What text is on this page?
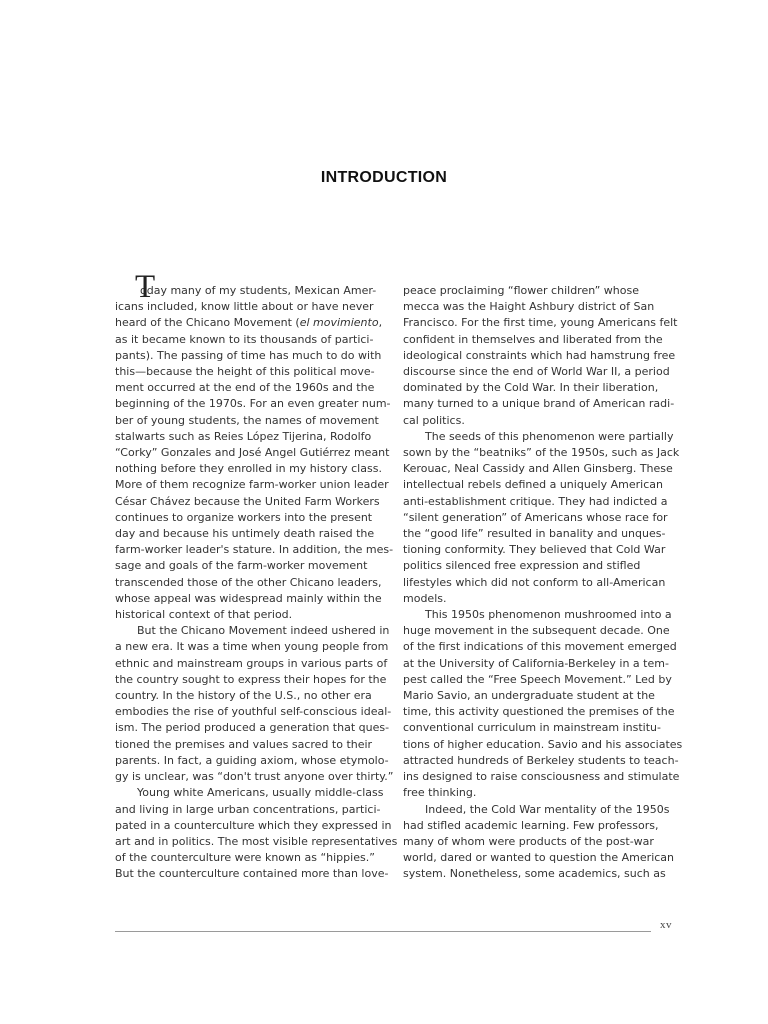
INTRODUCTION
T
oday many of my students, Mexican Amer-
icans included, know little about or have never
heard of the Chicano Movement (el movimiento,
as it became known to its thousands of partici-
pants). The passing of time has much to do with
this—because the height of this political move-
ment occurred at the end of the 1960s and the
beginning of the 1970s. For an even greater num-
ber of young students, the names of movement
stalwarts such as Reies López Tijerina, Rodolfo
“Corky” Gonzales and José Angel Gutiérrez meant
nothing before they enrolled in my history class.
More of them recognize farm-worker union leader
César Chávez because the United Farm Workers
continues to organize workers into the present
day and because his untimely death raised the
farm-worker leader's stature. In addition, the mes-
sage and goals of the farm-worker movement
transcended those of the other Chicano leaders,
whose appeal was widespread mainly within the
historical context of that period.
But the Chicano Movement indeed ushered in
a new era. It was a time when young people from
ethnic and mainstream groups in various parts of
the country sought to express their hopes for the
country. In the history of the U.S., no other era
embodies the rise of youthful self-conscious ideal-
ism. The period produced a generation that ques-
tioned the premises and values sacred to their
parents. In fact, a guiding axiom, whose etymolo-
gy is unclear, was “don't trust anyone over thirty.”
Young white Americans, usually middle-class
and living in large urban concentrations, partici-
pated in a counterculture which they expressed in
art and in politics. The most visible representatives
of the counterculture were known as “hippies.”
But the counterculture contained more than love-
peace proclaiming “flower children” whose
mecca was the Haight Ashbury district of San
Francisco. For the first time, young Americans felt
confident in themselves and liberated from the
ideological constraints which had hamstrung free
discourse since the end of World War II, a period
dominated by the Cold War. In their liberation,
many turned to a unique brand of American radi-
cal politics.
The seeds of this phenomenon were partially
sown by the “beatniks” of the 1950s, such as Jack
Kerouac, Neal Cassidy and Allen Ginsberg. These
intellectual rebels defined a uniquely American
anti-establishment critique. They had indicted a
“silent generation” of Americans whose race for
the “good life” resulted in banality and unques-
tioning conformity. They believed that Cold War
politics silenced free expression and stifled
lifestyles which did not conform to all-American
models.
This 1950s phenomenon mushroomed into a
huge movement in the subsequent decade. One
of the first indications of this movement emerged
at the University of California-Berkeley in a tem-
pest called the “Free Speech Movement.” Led by
Mario Savio, an undergraduate student at the
time, this activity questioned the premises of the
conventional curriculum in mainstream institu-
tions of higher education. Savio and his associates
attracted hundreds of Berkeley students to teach-
ins designed to raise consciousness and stimulate
free thinking.
Indeed, the Cold War mentality of the 1950s
had stifled academic learning. Few professors,
many of whom were products of the post-war
world, dared or wanted to question the American
system. Nonetheless, some academics, such as
xv
